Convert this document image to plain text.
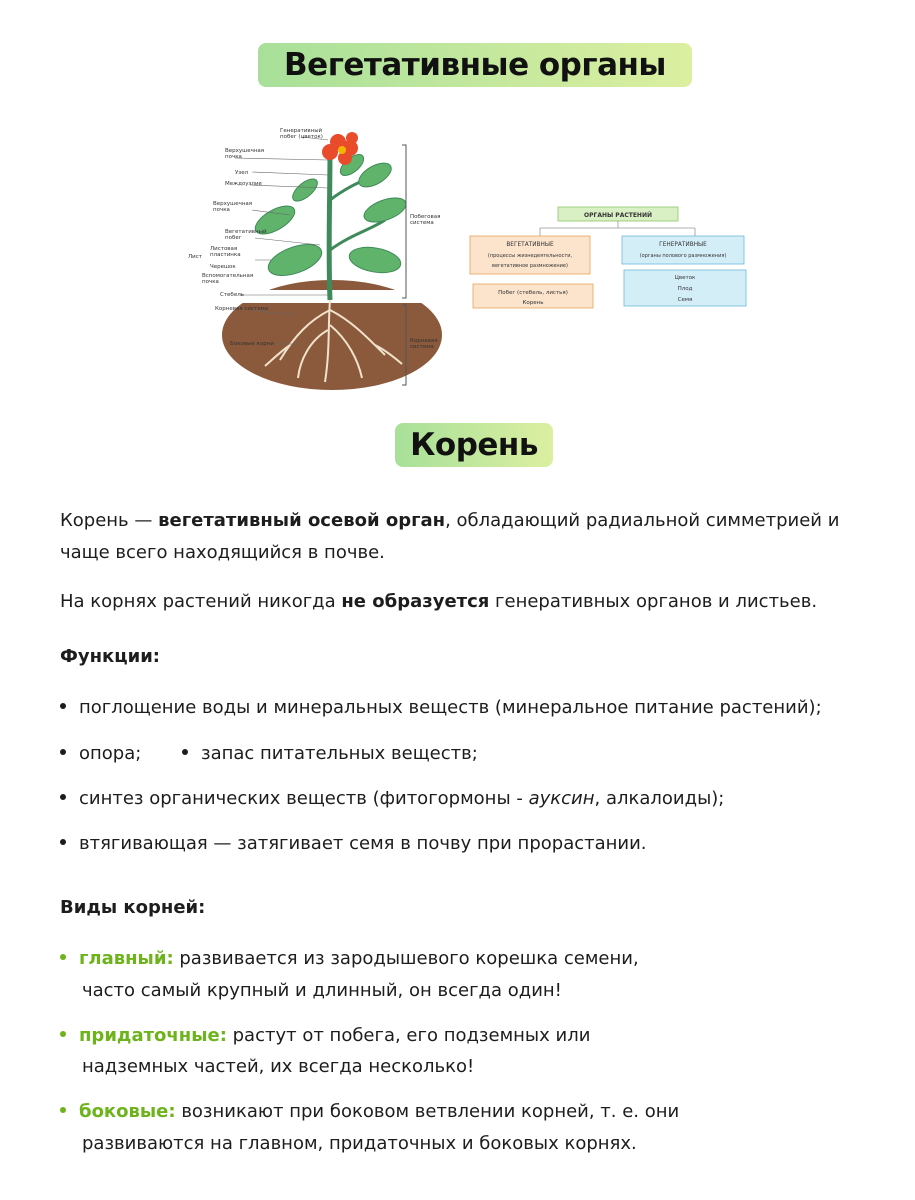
Вегетативные органы
Генеративный
побег (цветок)
Верхушечная
почка
Узел
Междоузлие
Верхушечная
почка
Вегетативный
побег
Лист
Листовая
пластинка
Черешок
Вспомогательная
почка
Стебель
Корневая система
Боковые корни
Побеговая
система
Корневая
система
ОРГАНЫ РАСТЕНИЙ
ВЕГЕТАТИВНЫЕ
(процессы жизнедеятельности,
вегетативное размножение)
Побег (стебель, листья)
Корень
ГЕНЕРАТИВНЫЕ
(органы полового размножения)
Цветок
Плод
Семя
Корень
Корень — вегетативный осевой орган, обладающий радиальной симметрией и
чаще всего находящийся в почве.
На корнях растений никогда не образуется генеративных органов и листьев.
Функции:
поглощение воды и минеральных веществ (минеральное питание растений);
опора;	запас питательных веществ;
синтез органических веществ (фитогормоны - ауксин, алкалоиды);
втягивающая — затягивает семя в почву при прорастании.
Виды корней:
главный: развивается из зародышевого корешка семени,
часто самый крупный и длинный, он всегда один!
придаточные: растут от побега, его подземных или
надземных частей, их всегда несколько!
боковые: возникают при боковом ветвлении корней, т. е. они
развиваются на главном, придаточных и боковых корнях.
